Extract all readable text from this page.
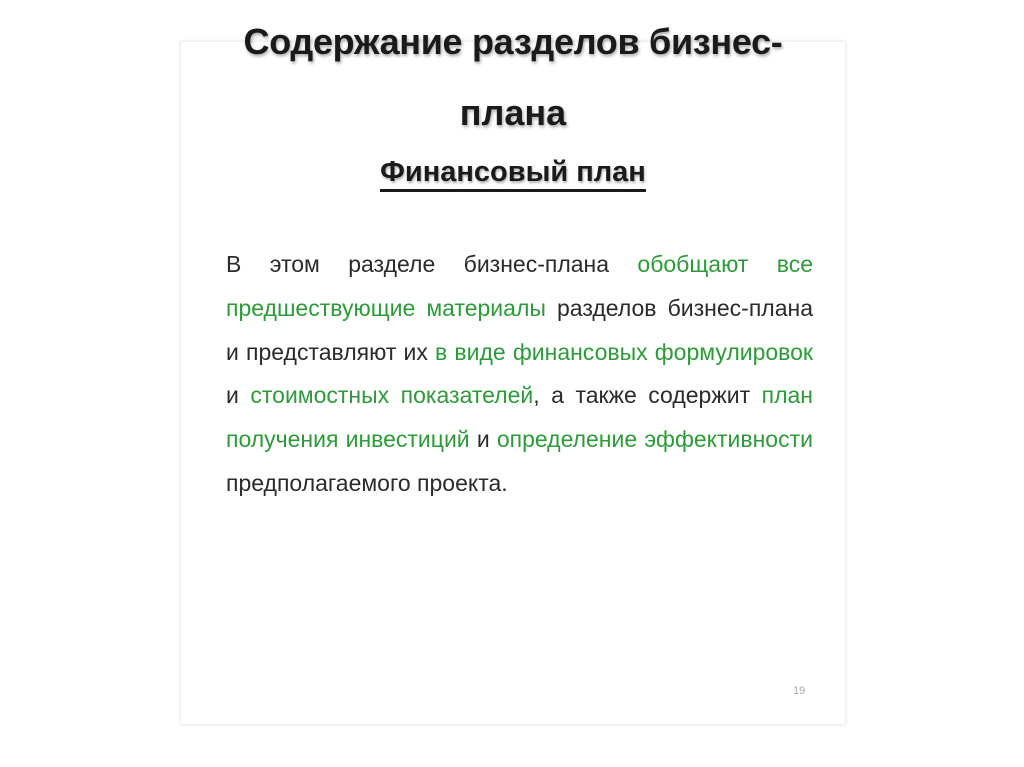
Содержание разделов бизнес-
плана
Финансовый план
В этом разделе бизнес-плана обобщают все предшествующие материалы разделов бизнес-плана и представляют их в виде финансовых формулировок и стоимостных показателей, а также содержит план получения инвестиций и определение эффективности предполагаемого проекта.
19
